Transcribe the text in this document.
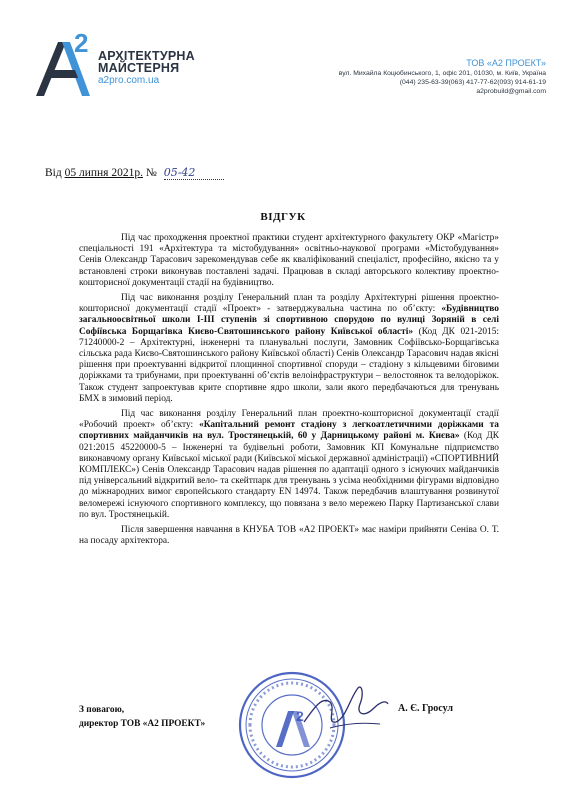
2 АРХІТЕКТУРНА
МАЙСТЕРНЯ
a2pro.com.ua
ТОВ «А2 ПРОЕКТ»
вул. Михайла Коцюбинського, 1, офіс 201, 01030, м. Київ, Україна
(044) 235-63-39(063) 417-77-62(093) 914-61-19
a2probuild@gmail.com
Від 05 липня 2021р. № 05-42
ВІДГУК

Під час проходження проектної практики студент архітектурного факультету ОКР «Магістр» спеціальності 191 «Архітектура та містобудування» освітньо-наукової програми «Містобудування» Сенів Олександр Тарасович зарекомендував себе як кваліфікований спеціаліст, професійно, якісно та у встановлені строки виконував поставлені задачі. Працював в складі авторського колективу проектно-кошторисної документації стадії на будівництво.

Під час виконання розділу Генеральний план та розділу Архітектурні рішення проектно-кошторисної документації стадії «Проект» - затверджувальна частина по об’єкту: «Будівництво загальноосвітньої школи І-ІІІ ступенів зі спортивною спорудою по вулиці Зоряній в селі Софіївська Борщагівка Києво-Святошинського району Київської області» (Код ДК 021-2015: 71240000-2 – Архітектурні, інженерні та планувальні послуги, Замовник Софіївсько-Борщагівська сільська рада Києво-Святошинського району Київської області) Сенів Олександр Тарасович надав якісні рішення при проектуванні відкритої площинної спортивної споруди – стадіону з кільцевими біговими доріжками та трибунами, при проектуванні об’єктів велоінфраструктури – велостоянок та велодоріжок. Також студент запроектував крите спортивне ядро школи, зали якого передбачаються для тренувань БМХ в зимовий період.

Під час виконання розділу Генеральний план проектно-кошторисної документації стадії «Робочий проект» об’єкту: «Капітальний ремонт стадіону з легкоатлетичними доріжками та спортивних майданчиків на вул. Тростянецькій, 60 у Дарницькому районі м. Києва» (Код ДК 021:2015 45220000-5 – Інженерні та будівельні роботи, Замовник КП Комунальне підприємство виконавчому органу Київської міської ради (Київської міської державної адміністрації) «СПОРТИВНИЙ КОМПЛЕКС») Сенів Олександр Тарасович надав рішення по адаптації одного з існуючих майданчиків під універсальний відкритий вело- та скейтпарк для тренувань з усіма необхідними фігурами відповідно до міжнародних вимог європейського стандарту EN 14974. Також передбачив влаштування розвинутої веломережі існуючого спортивного комплексу, що повязана з вело мережею Парку Партизанської слави по вул. Тростянецькій.

Після завершення навчання в КНУБА ТОВ «А2 ПРОЕКТ» має наміри прийняти Сеніва О. Т. на посаду архітектора.

З повагою,
директор ТОВ «А2 ПРОЕКТ»	2	А. Є. Гросул
